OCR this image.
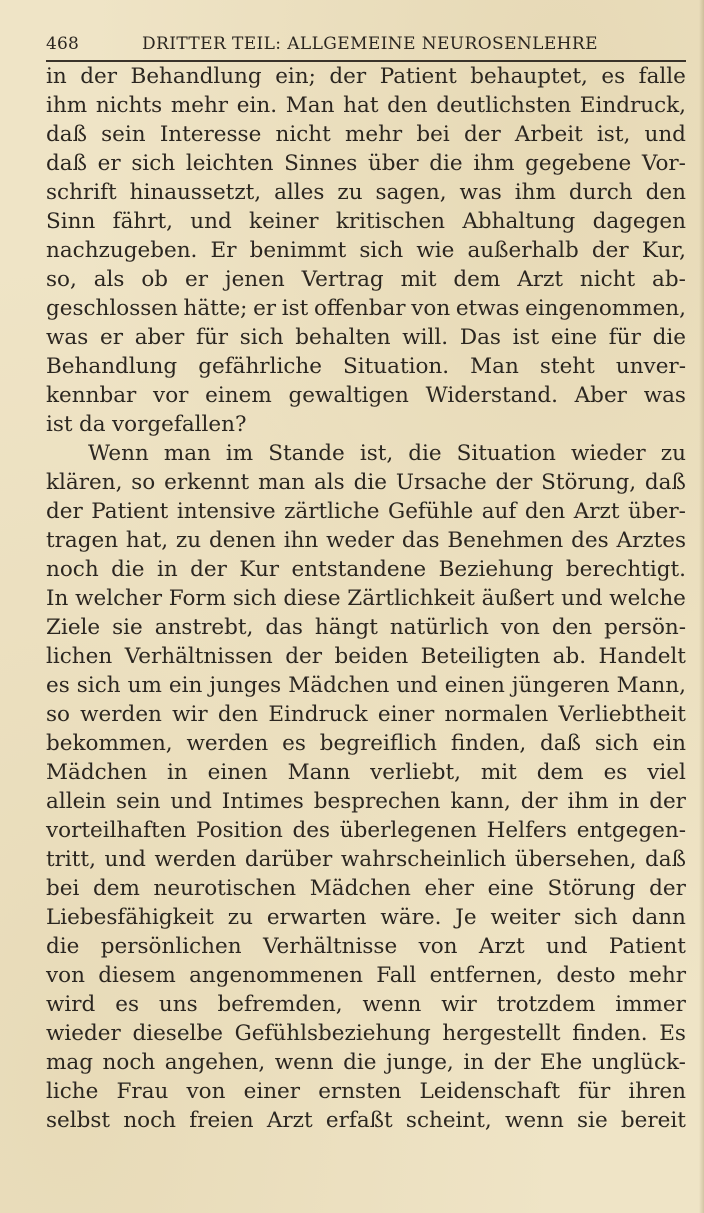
468	DRITTER TEIL: ALLGEMEINE NEUROSENLEHRE
in der Behandlung ein; der Patient behauptet, es falle
ihm nichts mehr ein. Man hat den deutlichsten Eindruck,
daß sein Interesse nicht mehr bei der Arbeit ist, und
daß er sich leichten Sinnes über die ihm gegebene Vor-
schrift hinaussetzt, alles zu sagen, was ihm durch den
Sinn fährt, und keiner kritischen Abhaltung dagegen
nachzugeben. Er benimmt sich wie außerhalb der Kur,
so, als ob er jenen Vertrag mit dem Arzt nicht ab-
geschlossen hätte; er ist offenbar von etwas eingenommen,
was er aber für sich behalten will. Das ist eine für die
Behandlung gefährliche Situation. Man steht unver-
kennbar vor einem gewaltigen Widerstand. Aber was
ist da vorgefallen?
Wenn man im Stande ist, die Situation wieder zu
klären, so erkennt man als die Ursache der Störung, daß
der Patient intensive zärtliche Gefühle auf den Arzt über-
tragen hat, zu denen ihn weder das Benehmen des Arztes
noch die in der Kur entstandene Beziehung berechtigt.
In welcher Form sich diese Zärtlichkeit äußert und welche
Ziele sie anstrebt, das hängt natürlich von den persön-
lichen Verhältnissen der beiden Beteiligten ab. Handelt
es sich um ein junges Mädchen und einen jüngeren Mann,
so werden wir den Eindruck einer normalen Verliebtheit
bekommen, werden es begreiflich finden, daß sich ein
Mädchen in einen Mann verliebt, mit dem es viel
allein sein und Intimes besprechen kann, der ihm in der
vorteilhaften Position des überlegenen Helfers entgegen-
tritt, und werden darüber wahrscheinlich übersehen, daß
bei dem neurotischen Mädchen eher eine Störung der
Liebesfähigkeit zu erwarten wäre. Je weiter sich dann
die persönlichen Verhältnisse von Arzt und Patient
von diesem angenommenen Fall entfernen, desto mehr
wird es uns befremden, wenn wir trotzdem immer
wieder dieselbe Gefühlsbeziehung hergestellt finden. Es
mag noch angehen, wenn die junge, in der Ehe unglück-
liche Frau von einer ernsten Leidenschaft für ihren
selbst noch freien Arzt erfaßt scheint, wenn sie bereit
